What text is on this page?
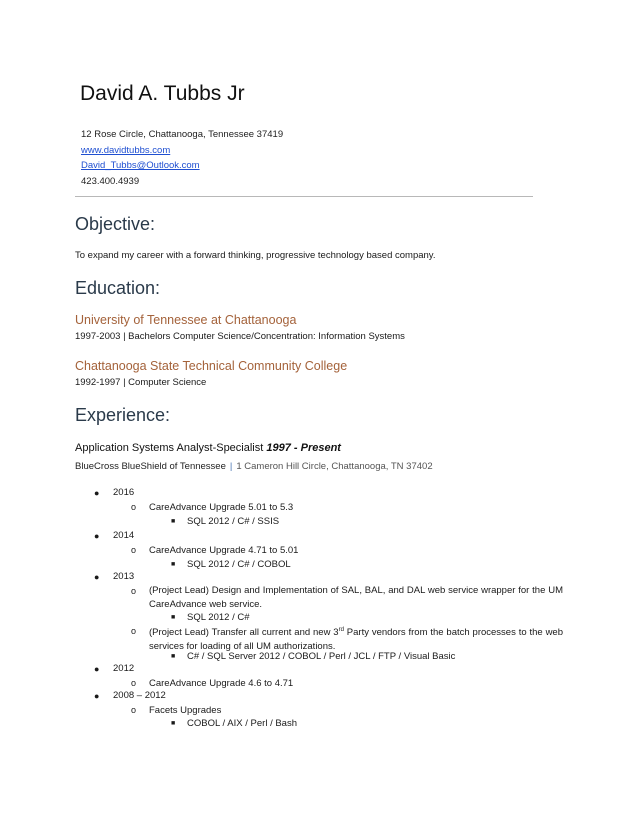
David A. Tubbs Jr
12 Rose Circle, Chattanooga, Tennessee 37419
www.davidtubbs.com
David_Tubbs@Outlook.com
423.400.4939
Objective:
To expand my career with a forward thinking, progressive technology based company.
Education:
University of Tennessee at Chattanooga
1997-2003 | Bachelors Computer Science/Concentration: Information Systems
Chattanooga State Technical Community College
1992-1997 | Computer Science
Experience:
Application Systems Analyst-Specialist 1997 - Present
BlueCross BlueShield of Tennessee | 1 Cameron Hill Circle, Chattanooga, TN 37402
● 2016
o CareAdvance Upgrade 5.01 to 5.3
■ SQL 2012 / C# / SSIS
● 2014
o CareAdvance Upgrade 4.71 to 5.01
■ SQL 2012 / C# / COBOL
● 2013
o (Project Lead) Design and Implementation of SAL, BAL, and DAL web service wrapper for the UM CareAdvance web service.
■ SQL 2012 / C#
o (Project Lead) Transfer all current and new 3rd Party vendors from the batch processes to the web services for loading of all UM authorizations.
■ C# / SQL Server 2012 / COBOL / Perl / JCL / FTP / Visual Basic
● 2012
o CareAdvance Upgrade 4.6 to 4.71
● 2008 – 2012
o Facets Upgrades
■ COBOL / AIX / Perl / Bash
